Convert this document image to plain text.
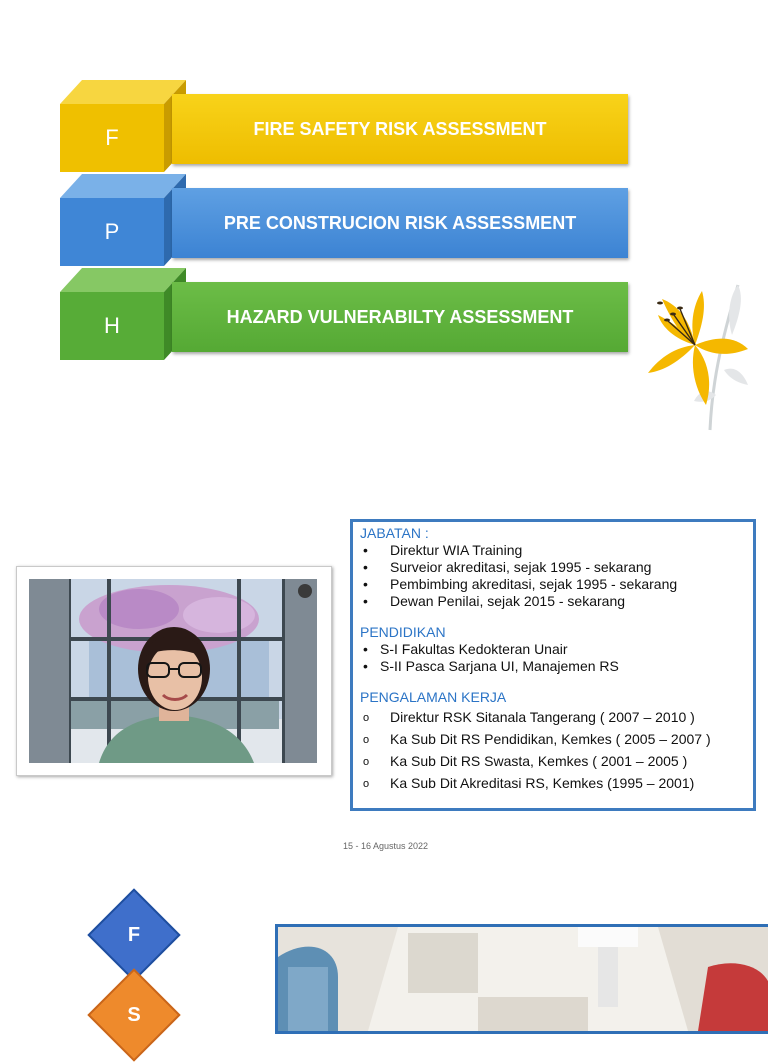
F	FIRE SAFETY RISK ASSESSMENT
P	PRE CONSTRUCION RISK ASSESSMENT
H	HAZARD VULNERABILTY ASSESSMENT
JABATAN :
• Direktur WIA Training
• Surveior akreditasi, sejak 1995 - sekarang
• Pembimbing akreditasi, sejak 1995 - sekarang
• Dewan Penilai, sejak 2015 - sekarang
PENDIDIKAN
• S-I Fakultas Kedokteran Unair
• S-II Pasca Sarjana UI, Manajemen RS
PENGALAMAN KERJA
o Direktur RSK Sitanala Tangerang ( 2007 – 2010 )
o Ka Sub Dit RS Pendidikan, Kemkes ( 2005 – 2007 )
o Ka Sub Dit RS Swasta, Kemkes ( 2001 – 2005 )
o Ka Sub Dit Akreditasi RS, Kemkes (1995 – 2001)
15 - 16 Agustus 2022
F
S
